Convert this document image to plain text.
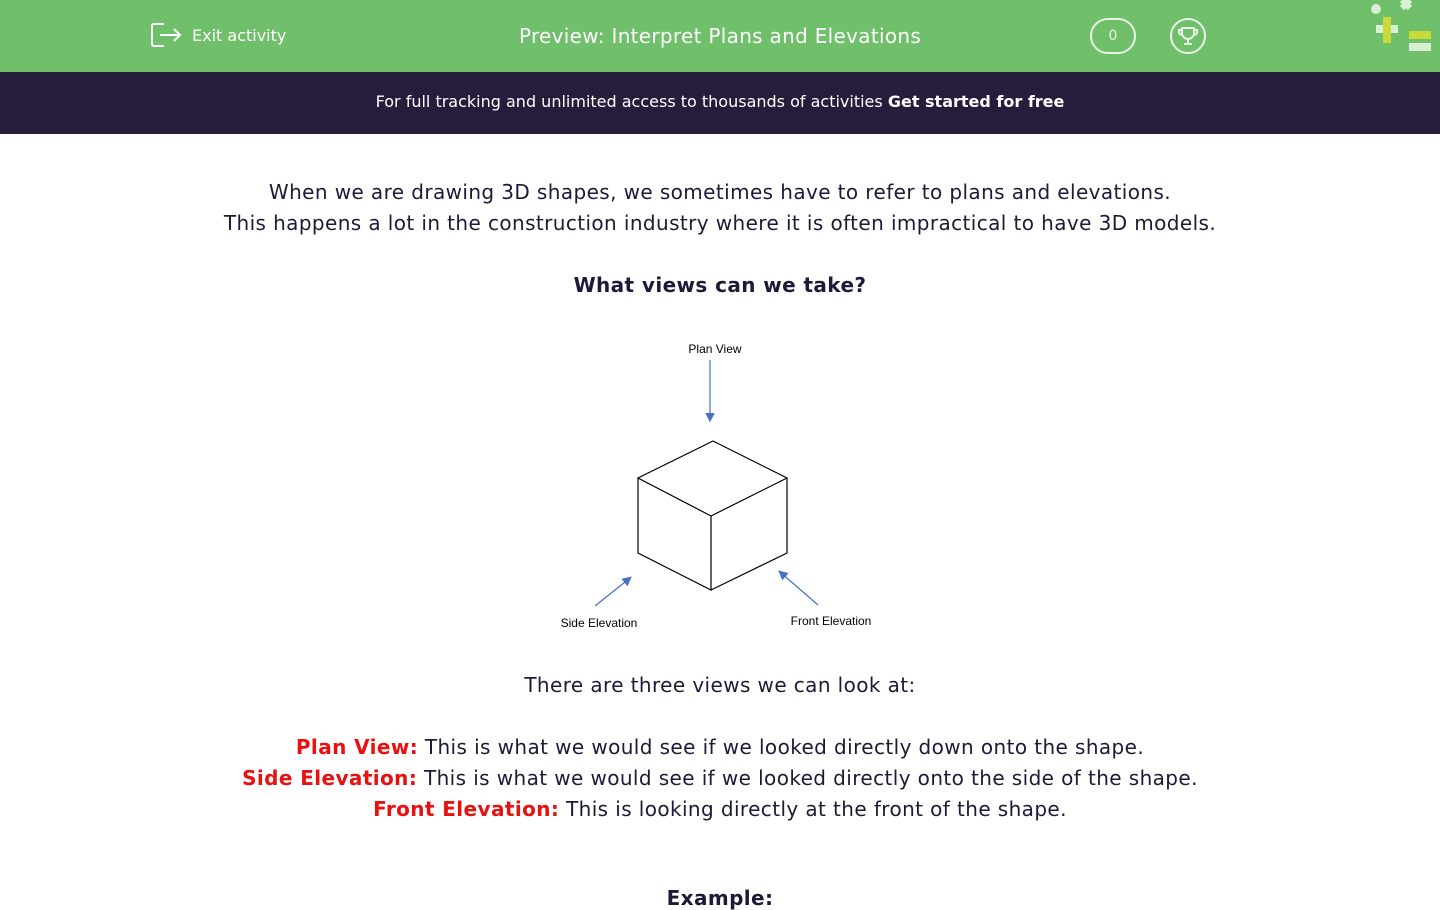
Exit activity	Preview: Interpret Plans and Elevations	0
For full tracking and unlimited access to thousands of activities Get started for free
When we are drawing 3D shapes, we sometimes have to refer to plans and elevations.
This happens a lot in the construction industry where it is often impractical to have 3D models.
What views can we take?
Plan View
Side Elevation	Front Elevation
There are three views we can look at:
Plan View: This is what we would see if we looked directly down onto the shape.
Side Elevation: This is what we would see if we looked directly onto the side of the shape.
Front Elevation: This is looking directly at the front of the shape.
Example:
